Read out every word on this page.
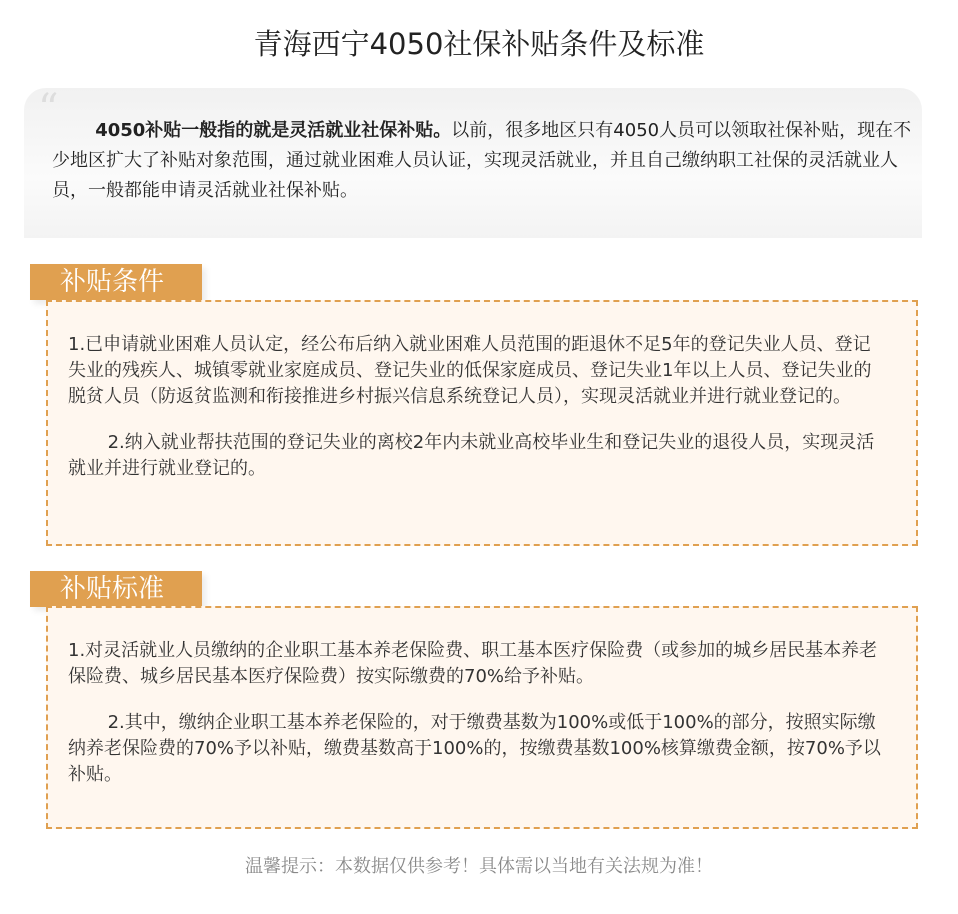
青海西宁4050社保补贴条件及标准
“	4050补贴一般指的就是灵活就业社保补贴。以前，很多地区只有4050人员可以领取社保补贴，现在不少地区扩大了补贴对象范围，通过就业困难人员认证，实现灵活就业，并且自己缴纳职工社保的灵活就业人员，一般都能申请灵活就业社保补贴。

补贴条件

1.已申请就业困难人员认定，经公布后纳入就业困难人员范围的距退休不足5年的登记失业人员、登记失业的残疾人、城镇零就业家庭成员、登记失业的低保家庭成员、登记失业1年以上人员、登记失业的脱贫人员（防返贫监测和衔接推进乡村振兴信息系统登记人员），实现灵活就业并进行就业登记的。

2.纳入就业帮扶范围的登记失业的离校2年内未就业高校毕业生和登记失业的退役人员，实现灵活就业并进行就业登记的。

补贴标准

1.对灵活就业人员缴纳的企业职工基本养老保险费、职工基本医疗保险费（或参加的城乡居民基本养老保险费、城乡居民基本医疗保险费）按实际缴费的70%给予补贴。

2.其中，缴纳企业职工基本养老保险的，对于缴费基数为100%或低于100%的部分，按照实际缴纳养老保险费的70%予以补贴，缴费基数高于100%的，按缴费基数100%核算缴费金额，按70%予以补贴。

温馨提示：本数据仅供参考！具体需以当地有关法规为准！
